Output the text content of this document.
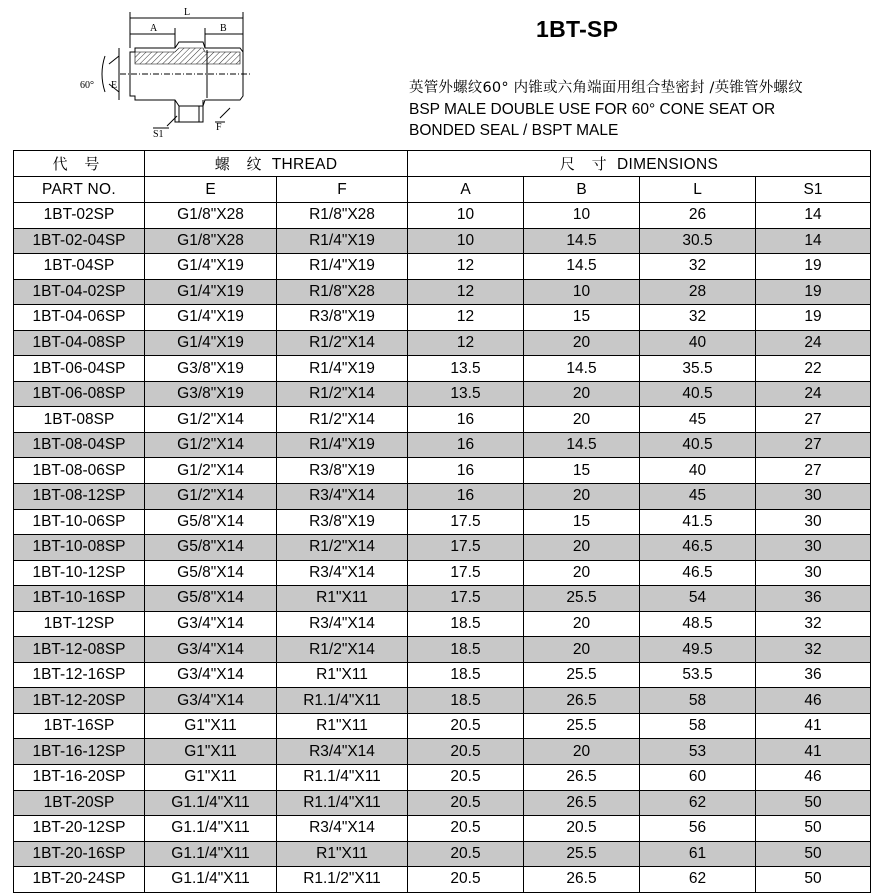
L
A	B
60° E
S1
F
1BT-SP
英管外螺纹60° 内锥或六角端面用组合垫密封 /英锥管外螺纹
BSP MALE DOUBLE USE FOR 60° CONE SEAT OR
BONDED SEAL / BSPT MALE
代 号	螺 纹 THREAD		尺 寸 DIMENSIONS			
PART NO.	E	F	A	B	L	S1
1BT-02SP	G1/8"X28	R1/8"X28	10	10	26	14
1BT-02-04SP	G1/8"X28	R1/4"X19	10	14.5	30.5	14
1BT-04SP	G1/4"X19	R1/4"X19	12	14.5	32	19
1BT-04-02SP	G1/4"X19	R1/8"X28	12	10	28	19
1BT-04-06SP	G1/4"X19	R3/8"X19	12	15	32	19
1BT-04-08SP	G1/4"X19	R1/2"X14	12	20	40	24
1BT-06-04SP	G3/8"X19	R1/4"X19	13.5	14.5	35.5	22
1BT-06-08SP	G3/8"X19	R1/2"X14	13.5	20	40.5	24
1BT-08SP	G1/2"X14	R1/2"X14	16	20	45	27
1BT-08-04SP	G1/2"X14	R1/4"X19	16	14.5	40.5	27
1BT-08-06SP	G1/2"X14	R3/8"X19	16	15	40	27
1BT-08-12SP	G1/2"X14	R3/4"X14	16	20	45	30
1BT-10-06SP	G5/8"X14	R3/8"X19	17.5	15	41.5	30
1BT-10-08SP	G5/8"X14	R1/2"X14	17.5	20	46.5	30
1BT-10-12SP	G5/8"X14	R3/4"X14	17.5	20	46.5	30
1BT-10-16SP	G5/8"X14	R1"X11	17.5	25.5	54	36
1BT-12SP	G3/4"X14	R3/4"X14	18.5	20	48.5	32
1BT-12-08SP	G3/4"X14	R1/2"X14	18.5	20	49.5	32
1BT-12-16SP	G3/4"X14	R1"X11	18.5	25.5	53.5	36
1BT-12-20SP	G3/4"X14	R1.1/4"X11	18.5	26.5	58	46
1BT-16SP	G1"X11	R1"X11	20.5	25.5	58	41
1BT-16-12SP	G1"X11	R3/4"X14	20.5	20	53	41
1BT-16-20SP	G1"X11	R1.1/4"X11	20.5	26.5	60	46
1BT-20SP	G1.1/4"X11	R1.1/4"X11	20.5	26.5	62	50
1BT-20-12SP	G1.1/4"X11	R3/4"X14	20.5	20.5	56	50
1BT-20-16SP	G1.1/4"X11	R1"X11	20.5	25.5	61	50
1BT-20-24SP	G1.1/4"X11	R1.1/2"X11	20.5	26.5	62	50
